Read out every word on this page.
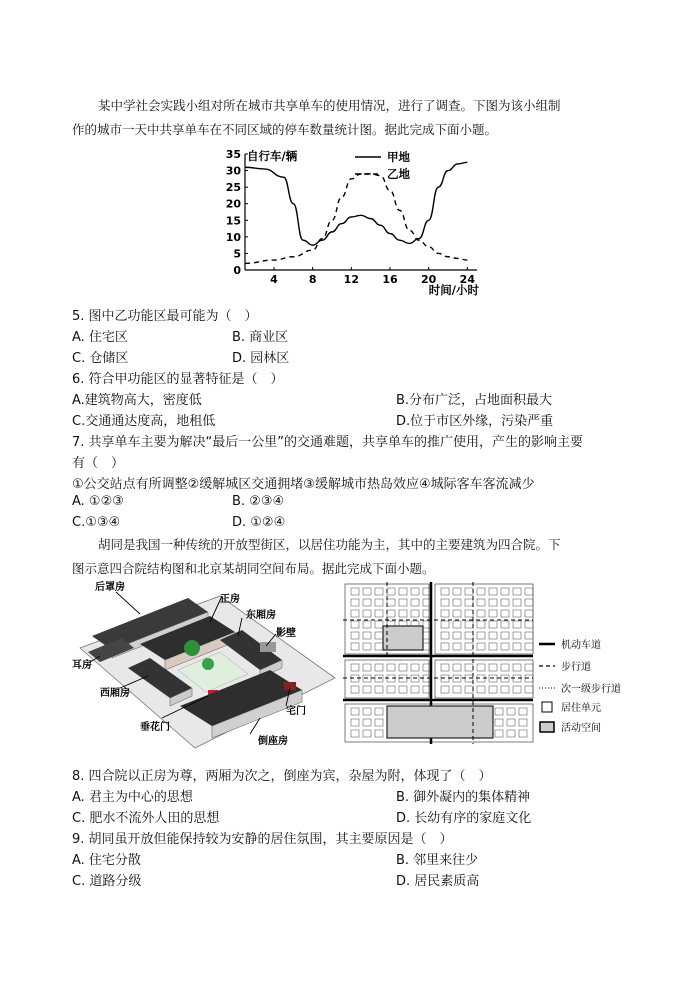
某中学社会实践小组对所在城市共享单车的使用情况，进行了调查。下图为该小组制
作的城市一天中共享单车在不同区域的停车数量统计图。据此完成下面小题。
0
5
10
15
20
25
30
35
4	8 12 16 20 24
自行车/辆
时间/小时
甲地
乙地
5. 图中乙功能区最可能为（　）
A. 住宅区	B. 商业区
C. 仓储区	D. 园林区
6. 符合甲功能区的显著特征是（　）
A.建筑物高大，密度低	B.分布广泛，占地面积最大
C.交通通达度高，地租低	D.位于市区外缘，污染严重
7. 共享单车主要为解决“最后一公里”的交通难题，共享单车的推广使用，产生的影响主要
有（　）
①公交站点有所调整②缓解城区交通拥堵③缓解城市热岛效应④城际客车客流减少
A. ①②③	B. ②③④
C.①③④	D. ①②④
胡同是我国一种传统的开放型街区，以居住功能为主，其中的主要建筑为四合院。下
图示意四合院结构图和北京某胡同空间布局。据此完成下面小题。
后罩房
正房
东厢房
影壁
耳房
西厢房
垂花门
宅门
倒座房
机动车道
步行道
次一级步行道
居住单元
活动空间
8. 四合院以正房为尊，两厢为次之，倒座为宾，杂屋为附，体现了（　）
A. 君主为中心的思想	B. 御外凝内的集体精神
C. 肥水不流外人田的思想	D. 长幼有序的家庭文化
9. 胡同虽开放但能保持较为安静的居住氛围，其主要原因是（　）
A. 住宅分散	B. 邻里来往少
C. 道路分级	D. 居民素质高
